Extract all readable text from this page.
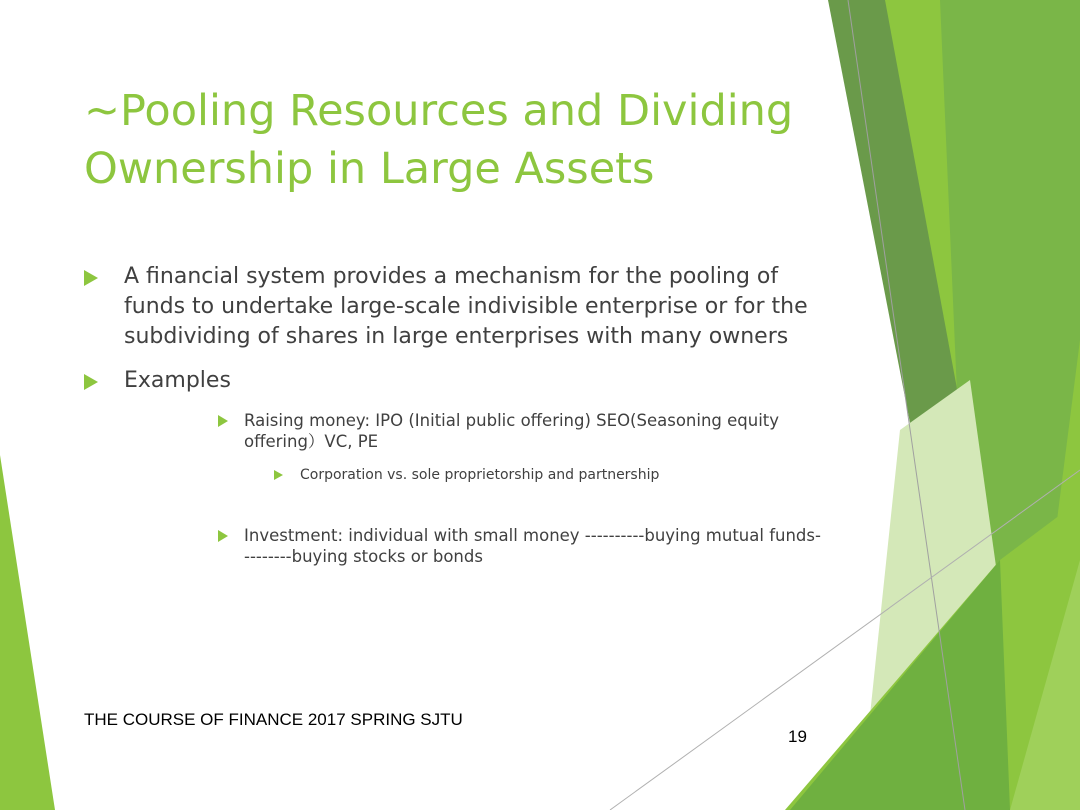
~Pooling Resources and Dividing
Ownership in Large Assets
A financial system provides a mechanism for the pooling of funds to undertake large-scale indivisible enterprise or for the subdividing of shares in large enterprises with many owners
Examples
Raising money: IPO (Initial public offering) SEO(Seasoning equity offering）VC, PE
Corporation vs. sole proprietorship and partnership
Investment: individual with small money ----------buying mutual funds---------buying stocks or bonds
THE COURSE OF FINANCE 2017 SPRING SJTU
19
